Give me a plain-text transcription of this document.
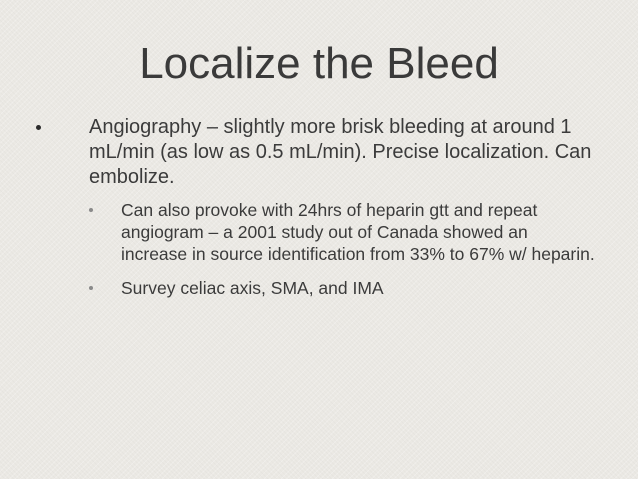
Localize the Bleed
Angiography – slightly more brisk bleeding at around 1 mL/min (as low as 0.5 mL/min). Precise localization. Can embolize.
Can also provoke with 24hrs of heparin gtt and repeat angiogram – a 2001 study out of Canada showed an increase in source identification from 33% to 67% w/ heparin.
Survey celiac axis, SMA, and IMA
